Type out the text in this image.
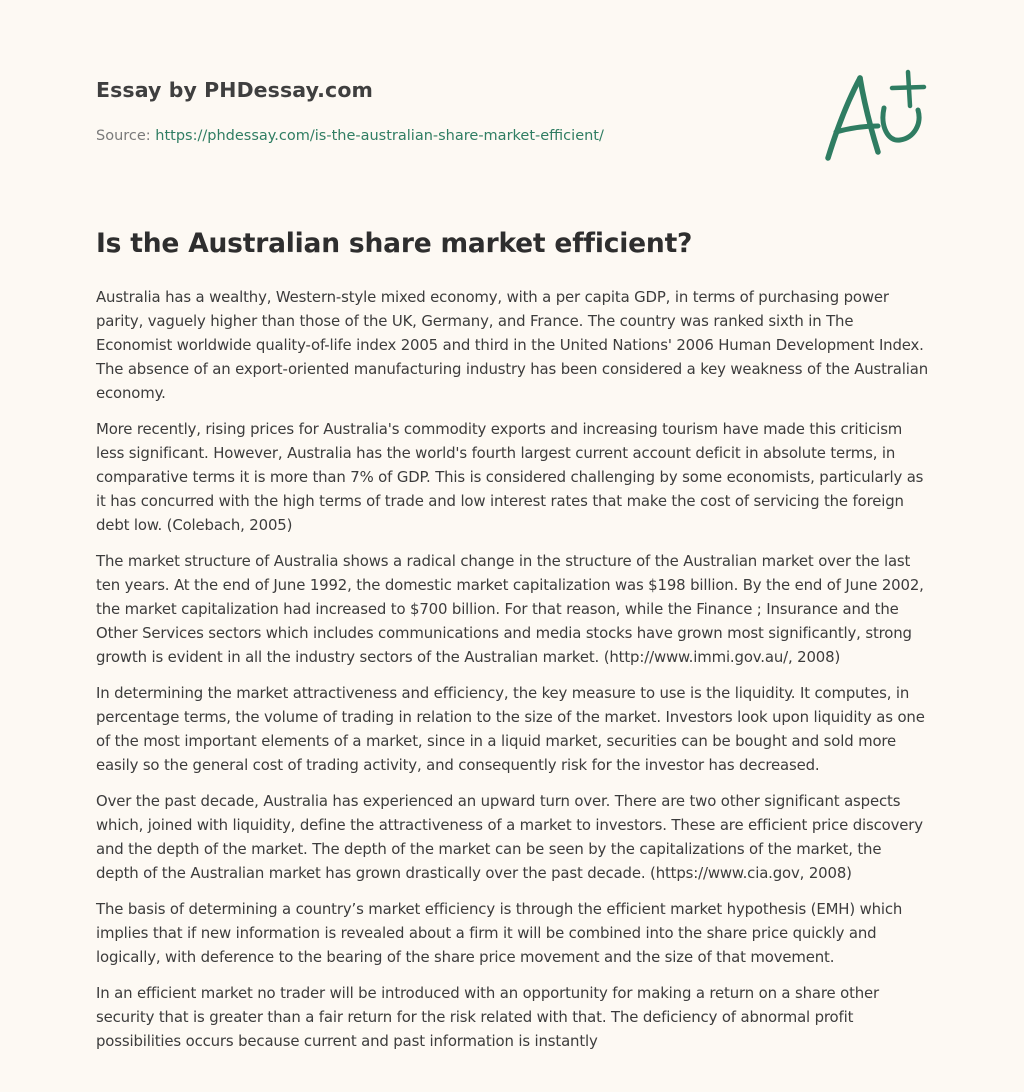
Essay by PHDessay.com
Source: https://phdessay.com/is-the-australian-share-market-efficient/
Is the Australian share market efficient?

Australia has a wealthy, Western-style mixed economy, with a per capita GDP, in terms of purchasing power parity, vaguely higher than those of the UK, Germany, and France. The country was ranked sixth in The Economist worldwide quality-of-life index 2005 and third in the United Nations' 2006 Human Development Index. The absence of an export-oriented manufacturing industry has been considered a key weakness of the Australian economy.

More recently, rising prices for Australia's commodity exports and increasing tourism have made this criticism less significant. However, Australia has the world's fourth largest current account deficit in absolute terms, in comparative terms it is more than 7% of GDP. This is considered challenging by some economists, particularly as it has concurred with the high terms of trade and low interest rates that make the cost of servicing the foreign debt low. (Colebach, 2005)

The market structure of Australia shows a radical change in the structure of the Australian market over the last ten years. At the end of June 1992, the domestic market capitalization was $198 billion. By the end of June 2002, the market capitalization had increased to $700 billion. For that reason, while the Finance ; Insurance and the Other Services sectors which includes communications and media stocks have grown most significantly, strong growth is evident in all the industry sectors of the Australian market. (http://www.immi.gov.au/, 2008)

In determining the market attractiveness and efficiency, the key measure to use is the liquidity. It computes, in percentage terms, the volume of trading in relation to the size of the market. Investors look upon liquidity as one of the most important elements of a market, since in a liquid market, securities can be bought and sold more easily so the general cost of trading activity, and consequently risk for the investor has decreased.

Over the past decade, Australia has experienced an upward turn over. There are two other significant aspects which, joined with liquidity, define the attractiveness of a market to investors. These are efficient price discovery and the depth of the market. The depth of the market can be seen by the capitalizations of the market, the depth of the Australian market has grown drastically over the past decade. (https://www.cia.gov, 2008)

The basis of determining a country’s market efficiency is through the efficient market hypothesis (EMH) which implies that if new information is revealed about a firm it will be combined into the share price quickly and logically, with deference to the bearing of the share price movement and the size of that movement.

In an efficient market no trader will be introduced with an opportunity for making a return on a share other security that is greater than a fair return for the risk related with that. The deficiency of abnormal profit possibilities occurs because current and past information is instantly
